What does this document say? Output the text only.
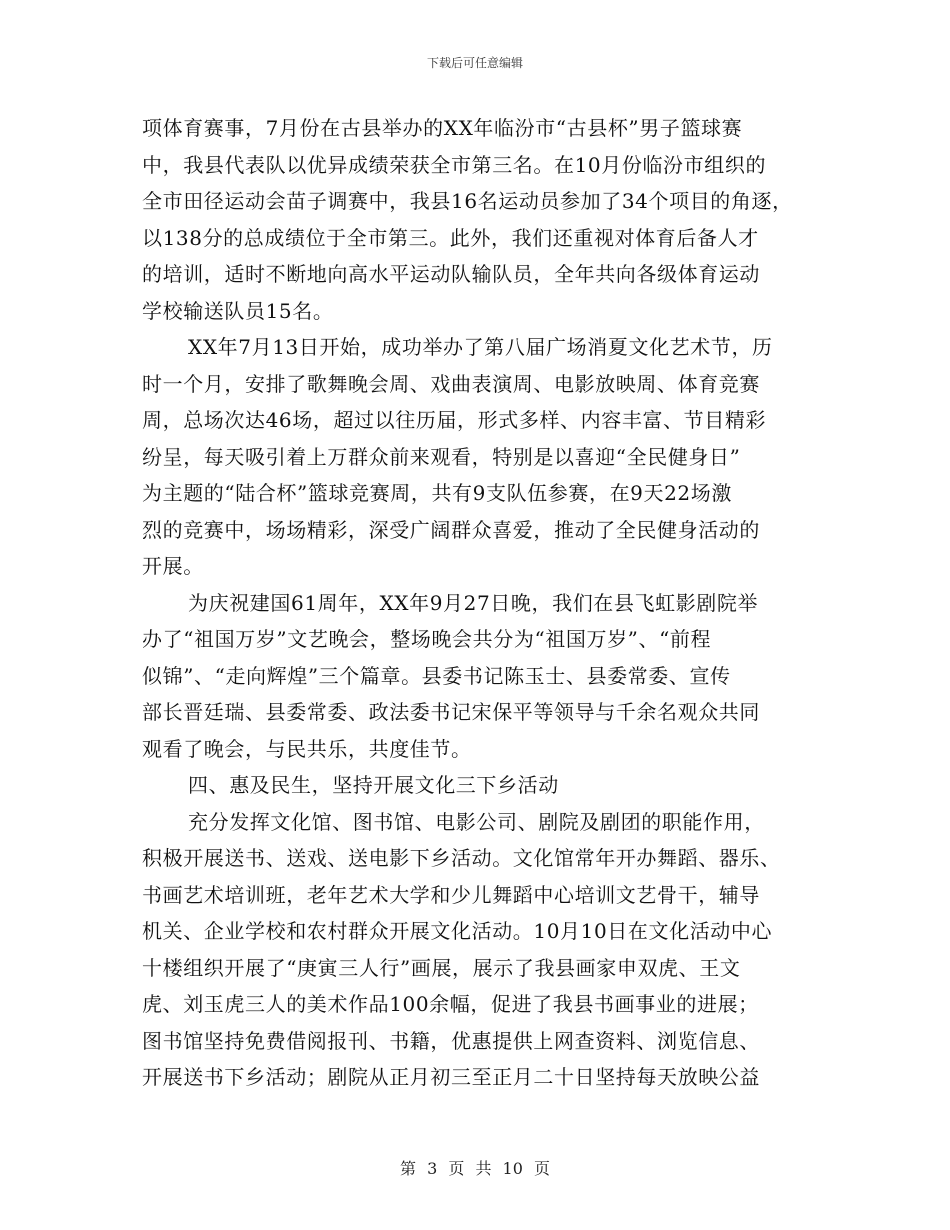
下载后可任意编辑
项体育赛事，7月份在古县举办的XX年临汾市“古县杯”男子篮球赛
中，我县代表队以优异成绩荣获全市第三名。在10月份临汾市组织的
全市田径运动会苗子调赛中，我县16名运动员参加了34个项目的角逐，
以138分的总成绩位于全市第三。此外，我们还重视对体育后备人才
的培训，适时不断地向高水平运动队输队员，全年共向各级体育运动
学校输送队员15名。
XX年7月13日开始，成功举办了第八届广场消夏文化艺术节，历
时一个月，安排了歌舞晚会周、戏曲表演周、电影放映周、体育竞赛
周，总场次达46场，超过以往历届，形式多样、内容丰富、节目精彩
纷呈，每天吸引着上万群众前来观看，特别是以喜迎“全民健身日”
为主题的“陆合杯”篮球竞赛周，共有9支队伍参赛，在9天22场激
烈的竞赛中，场场精彩，深受广阔群众喜爱，推动了全民健身活动的
开展。
为庆祝建国61周年，XX年9月27日晚，我们在县飞虹影剧院举
办了“祖国万岁”文艺晚会，整场晚会共分为“祖国万岁”、“前程
似锦”、“走向辉煌”三个篇章。县委书记陈玉士、县委常委、宣传
部长晋廷瑞、县委常委、政法委书记宋保平等领导与千余名观众共同
观看了晚会，与民共乐，共度佳节。
四、惠及民生，坚持开展文化三下乡活动
充分发挥文化馆、图书馆、电影公司、剧院及剧团的职能作用，
积极开展送书、送戏、送电影下乡活动。文化馆常年开办舞蹈、器乐、
书画艺术培训班，老年艺术大学和少儿舞蹈中心培训文艺骨干，辅导
机关、企业学校和农村群众开展文化活动。10月10日在文化活动中心
十楼组织开展了“庚寅三人行”画展，展示了我县画家申双虎、王文
虎、刘玉虎三人的美术作品100余幅，促进了我县书画事业的进展；
图书馆坚持免费借阅报刊、书籍，优惠提供上网查资料、浏览信息、
开展送书下乡活动；剧院从正月初三至正月二十日坚持每天放映公益
第 3 页 共 10 页
